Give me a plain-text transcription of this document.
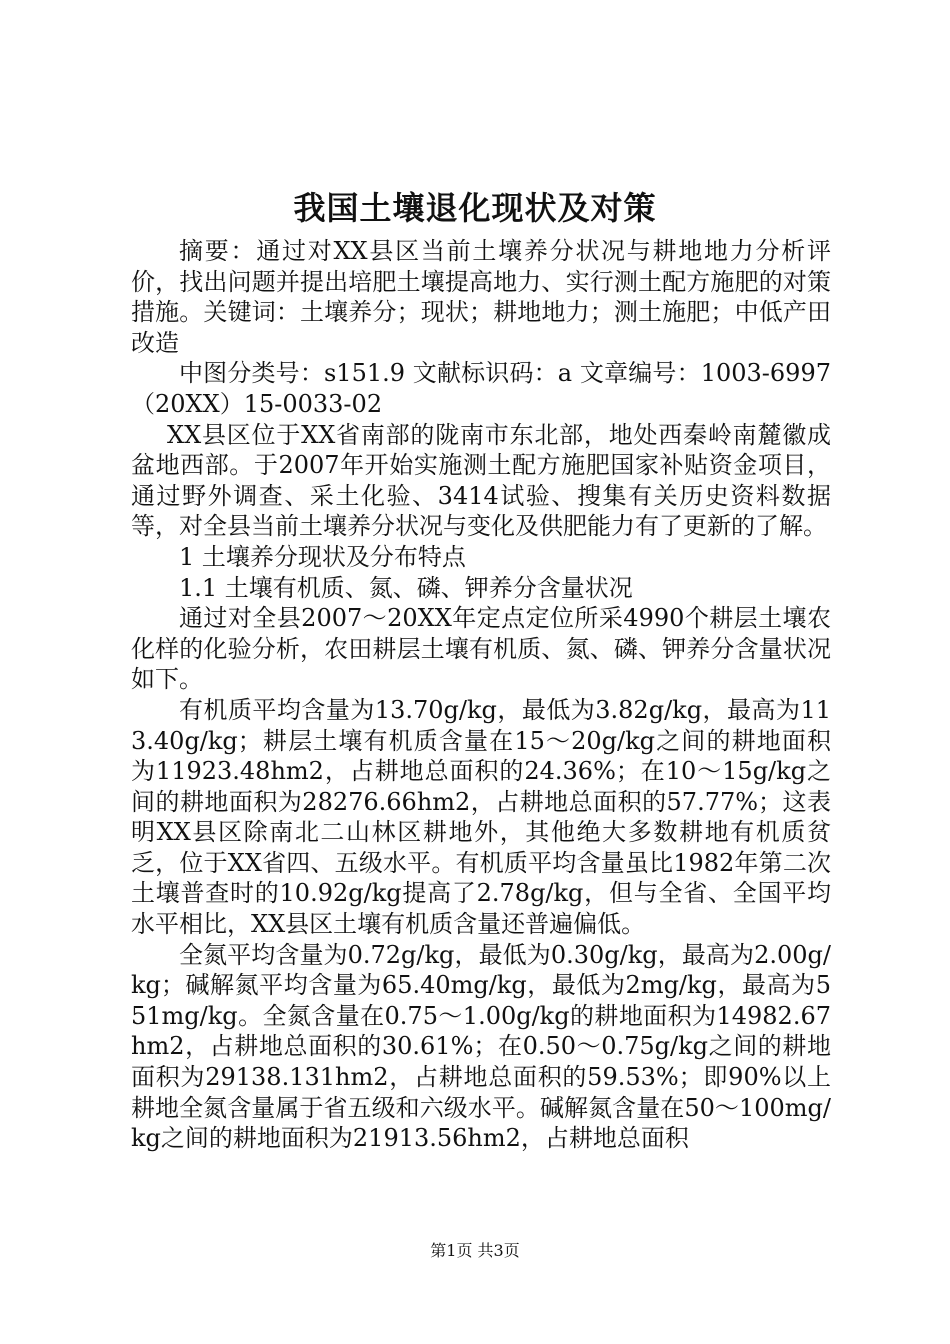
我国土壤退化现状及对策

摘要：通过对XX县区当前土壤养分状况与耕地地力分析评价，找出问题并提出培肥土壤提高地力、实行测土配方施肥的对策措施。关键词：土壤养分；现状；耕地地力；测土施肥；中低产田改造

中图分类号：s151.9 文献标识码：a 文章编号：1003-6997（20XX）15-0033-02

XX县区位于XX省南部的陇南市东北部，地处西秦岭南麓徽成盆地西部。于2007年开始实施测土配方施肥国家补贴资金项目，通过野外调查、采土化验、3414试验、搜集有关历史资料数据等，对全县当前土壤养分状况与变化及供肥能力有了更新的了解。

1 土壤养分现状及分布特点

1.1 土壤有机质、氮、磷、钾养分含量状况

通过对全县2007～20XX年定点定位所采4990个耕层土壤农化样的化验分析，农田耕层土壤有机质、氮、磷、钾养分含量状况如下。

有机质平均含量为13.70g/kg，最低为3.82g/kg，最高为113.40g/kg；耕层土壤有机质含量在15～20g/kg之间的耕地面积为11923.48hm2，占耕地总面积的24.36%；在10～15g/kg之间的耕地面积为28276.66hm2，占耕地总面积的57.77%；这表明XX县区除南北二山林区耕地外，其他绝大多数耕地有机质贫乏，位于XX省四、五级水平。有机质平均含量虽比1982年第二次土壤普查时的10.92g/kg提高了2.78g/kg，但与全省、全国平均水平相比，XX县区土壤有机质含量还普遍偏低。

全氮平均含量为0.72g/kg，最低为0.30g/kg，最高为2.00g/kg；碱解氮平均含量为65.40mg/kg，最低为2mg/kg，最高为551mg/kg。全氮含量在0.75～1.00g/kg的耕地面积为14982.67hm2，占耕地总面积的30.61%；在0.50～0.75g/kg之间的耕地面积为29138.131hm2，占耕地总面积的59.53%；即90%以上耕地全氮含量属于省五级和六级水平。碱解氮含量在50～100mg/kg之间的耕地面积为21913.56hm2，占耕地总面积

第1页 共3页
